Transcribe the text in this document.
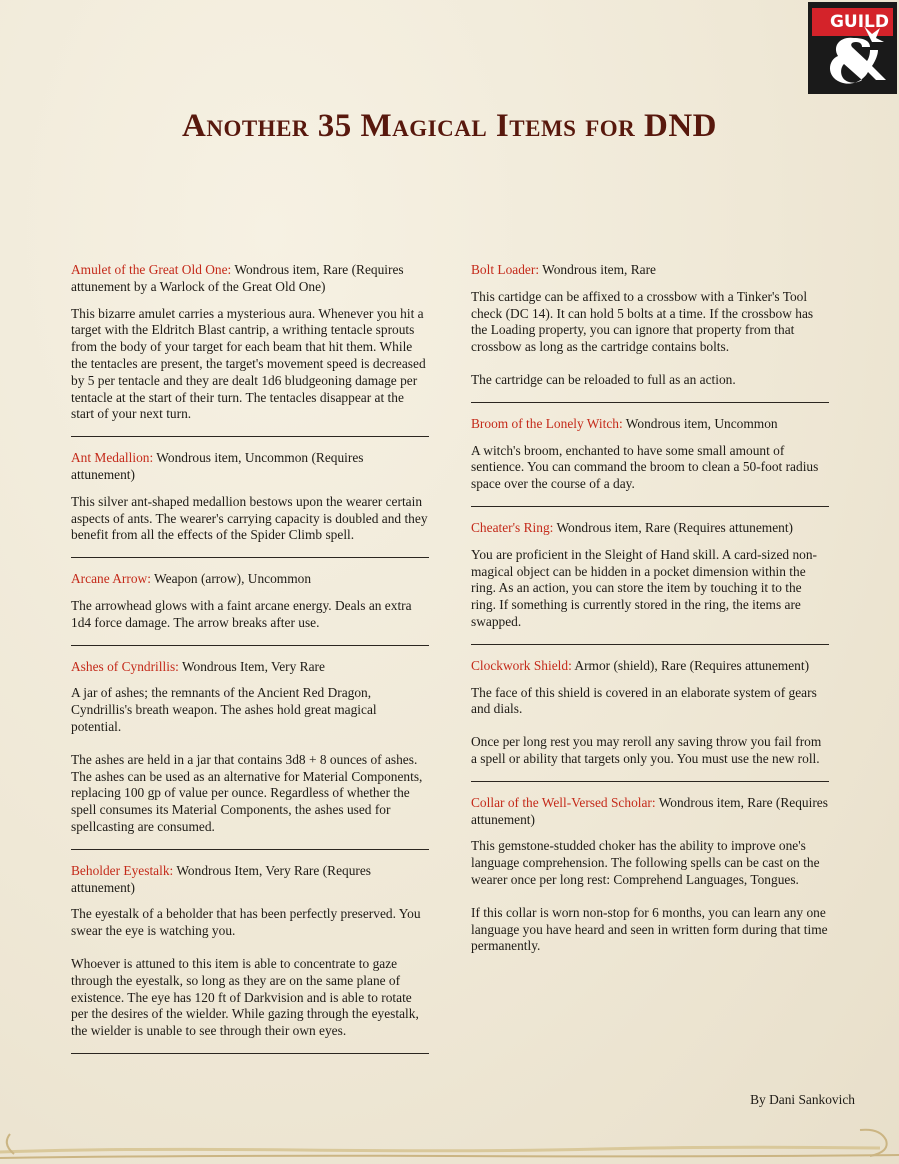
GUILD
Another 35 Magical Items for DND

Amulet of the Great Old One: Wondrous item, Rare (Requires attunement by a Warlock of the Great Old One)

This bizarre amulet carries a mysterious aura. Whenever you hit a target with the Eldritch Blast cantrip, a writhing tentacle sprouts from the body of your target for each beam that hit them. While the tentacles are present, the target's movement speed is decreased by 5 per tentacle and they are dealt 1d6 bludgeoning damage per tentacle at the start of their turn. The tentacles disappear at the start of your next turn.

Ant Medallion: Wondrous item, Uncommon (Requires attunement)

This silver ant-shaped medallion bestows upon the wearer certain aspects of ants. The wearer's carrying capacity is doubled and they benefit from all the effects of the Spider Climb spell.

Arcane Arrow: Weapon (arrow), Uncommon

The arrowhead glows with a faint arcane energy. Deals an extra 1d4 force damage. The arrow breaks after use.

Ashes of Cyndrillis: Wondrous Item, Very Rare

A jar of ashes; the remnants of the Ancient Red Dragon, Cyndrillis's breath weapon. The ashes hold great magical potential.

The ashes are held in a jar that contains 3d8 + 8 ounces of ashes. The ashes can be used as an alternative for Material Components, replacing 100 gp of value per ounce. Regardless of whether the spell consumes its Material Components, the ashes used for spellcasting are consumed.

Beholder Eyestalk: Wondrous Item, Very Rare (Requres attunement)

The eyestalk of a beholder that has been perfectly preserved. You swear the eye is watching you.

Whoever is attuned to this item is able to concentrate to gaze through the eyestalk, so long as they are on the same plane of existence. The eye has 120 ft of Darkvision and is able to rotate per the desires of the wielder. While gazing through the eyestalk, the wielder is unable to see through their own eyes.

Bolt Loader: Wondrous item, Rare

This cartidge can be affixed to a crossbow with a Tinker's Tool check (DC 14). It can hold 5 bolts at a time. If the crossbow has the Loading property, you can ignore that property from that crossbow as long as the cartridge contains bolts.

The cartridge can be reloaded to full as an action.

Broom of the Lonely Witch: Wondrous item, Uncommon

A witch's broom, enchanted to have some small amount of sentience. You can command the broom to clean a 50-foot radius space over the course of a day.

Cheater's Ring: Wondrous item, Rare (Requires attunement)

You are proficient in the Sleight of Hand skill. A card-sized non-magical object can be hidden in a pocket dimension within the ring. As an action, you can store the item by touching it to the ring. If something is currently stored in the ring, the items are swapped.

Clockwork Shield: Armor (shield), Rare (Requires attunement)

The face of this shield is covered in an elaborate system of gears and dials.

Once per long rest you may reroll any saving throw you fail from a spell or ability that targets only you. You must use the new roll.

Collar of the Well-Versed Scholar: Wondrous item, Rare (Requires attunement)

This gemstone-studded choker has the ability to improve one's language comprehension. The following spells can be cast on the wearer once per long rest: Comprehend Languages, Tongues.

If this collar is worn non-stop for 6 months, you can learn any one language you have heard and seen in written form during that time permanently.

By Dani Sankovich
